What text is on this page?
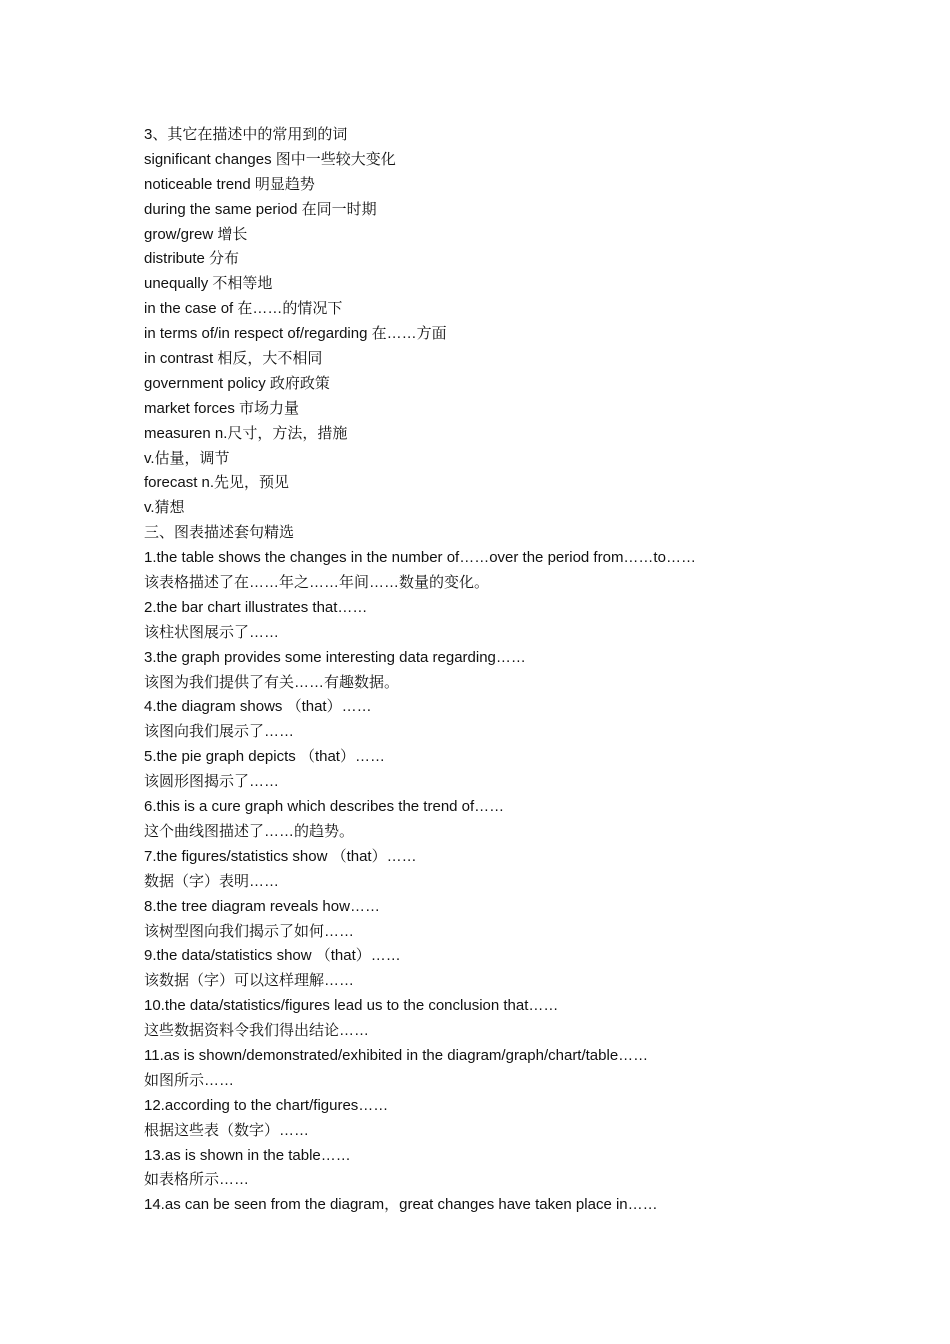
3、其它在描述中的常用到的词
significant changes 图中一些较大变化
noticeable trend 明显趋势
during the same period 在同一时期
grow/grew 增长
distribute 分布
unequally 不相等地
in the case of 在……的情况下
in terms of/in respect of/regarding 在……方面
in contrast 相反，大不相同
government policy 政府政策
market forces 市场力量
measuren n.尺寸，方法，措施
v.估量，调节
forecast n.先见，预见
v.猜想
三、图表描述套句精选
1.the table shows the changes in the number of……over the period from……to……
该表格描述了在……年之……年间……数量的变化。
2.the bar chart illustrates that……
该柱状图展示了……
3.the graph provides some interesting data regarding……
该图为我们提供了有关……有趣数据。
4.the diagram shows （that）……
该图向我们展示了……
5.the pie graph depicts （that）……
该圆形图揭示了……
6.this is a cure graph which describes the trend of……
这个曲线图描述了……的趋势。
7.the figures/statistics show （that）……
数据（字）表明……
8.the tree diagram reveals how……
该树型图向我们揭示了如何……
9.the data/statistics show （that）……
该数据（字）可以这样理解……
10.the data/statistics/figures lead us to the conclusion that……
这些数据资料令我们得出结论……
11.as is shown/demonstrated/exhibited in the diagram/graph/chart/table……
如图所示……
12.according to the chart/figures……
根据这些表（数字）……
13.as is shown in the table……
如表格所示……
14.as can be seen from the diagram，great changes have taken place in……
